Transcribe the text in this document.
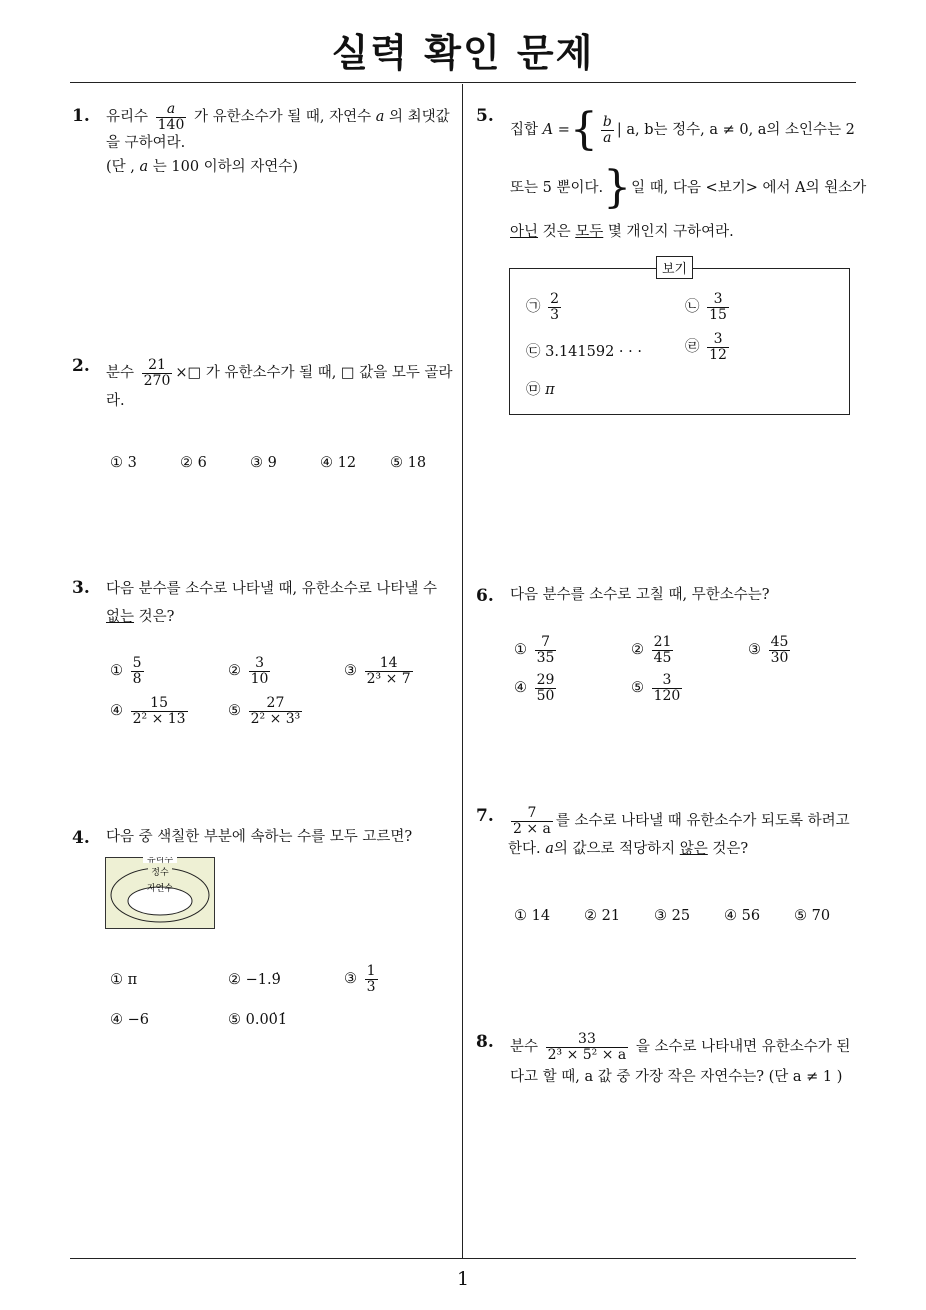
실력 확인 문제
1
1. 유리수 $\frac{a}{140}$ 가 유한소수가 될 때, 자연수 a 의 최댓값
을 구하여라.
(단 , a 는 100 이하의 자연수)
2. 분수 $\frac{21}{270}$ ×□ 가 유한소수가 될 때, □ 값을 모두 골라
라.
① 3	② 6	③ 9	④ 12 ⑤ 18
3. 다음 분수를 소수로 나타낼 때, 유한소수로 나타낼 수
없는 것은?
① $\frac{5}{8}$	② $\frac{3}{10}$	③ $\frac{14}{\text{2³ × 7}}$
④ $\frac{15}{\text{2² × 13}}$	⑤ $\frac{27}{\text{2² × 3³}}$
4. 다음 중 색칠한 부분에 속하는 수를 모두 고르면?
유리수
정수
자연수
① π	② −1.9̇	③ $\frac{1}{3}$
④ −6	⑤ 0.00̇1̇
5.
집합 A ={ $\frac{b}{a}$ | a, b는 정수, a ≠ 0, a의 소인수는 2
또는 5 뿐이다.}일 때, 다음 <보기> 에서 A의 원소가
아닌 것은 모두 몇 개인지 구하여라.
보기
㉠ $\frac{2}{3}$	㉡ $\frac{3}{15}$
㉢ 3.141592 · · ·	㉣ $\frac{3}{12}$
㉤ π
6. 다음 분수를 소수로 고칠 때, 무한소수는?
① $\frac{7}{35}$	② $\frac{21}{45}$	③ $\frac{45}{30}$
④ $\frac{29}{50}$	⑤ $\frac{3}{120}$
7. $\frac{7}{2 \times a}$ 를 소수로 나타낼 때 유한소수가 되도록 하려고
한다. a의 값으로 적당하지 않은 것은?
① 14 ② 21 ③ 25 ④ 56 ⑤ 70
8. 분수 $\frac{33}{\text{2³ × 5² × a}}$ 을 소수로 나타내면 유한소수가 된
다고 할 때, a 값 중 가장 작은 자연수는? (단 a ≠ 1 )
